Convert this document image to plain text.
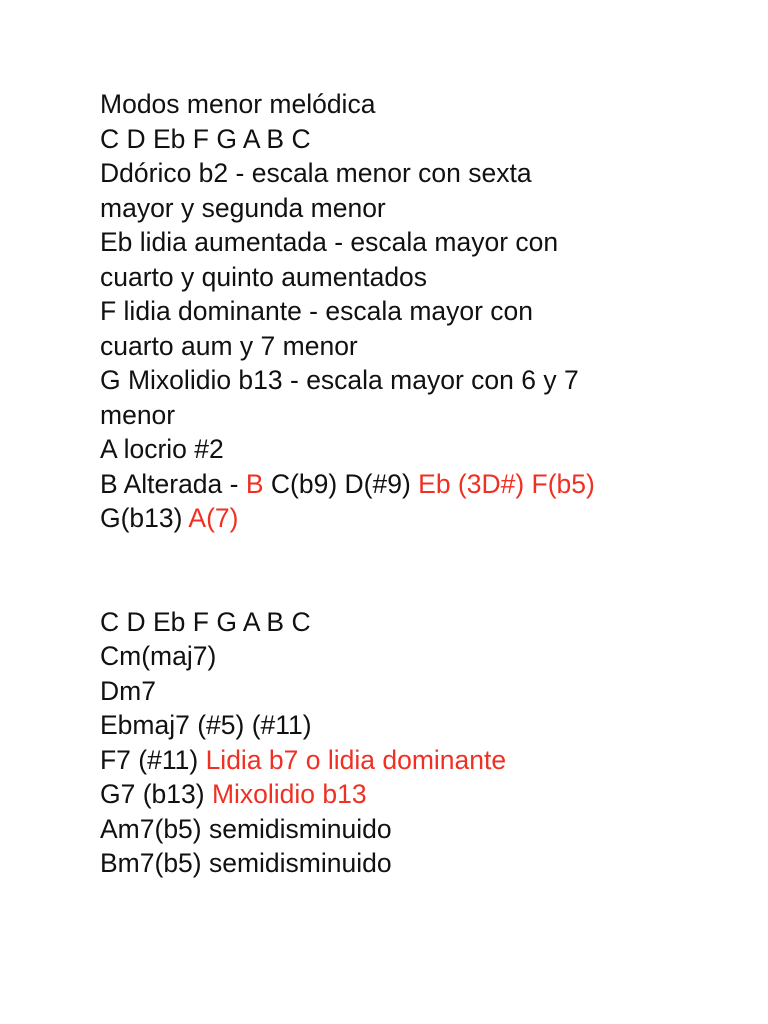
Modos menor melódica
C D Eb F G A B C
Ddórico b2 - escala menor con sexta
mayor y segunda menor
Eb lidia aumentada - escala mayor con
cuarto y quinto aumentados
F lidia dominante - escala mayor con
cuarto aum y 7 menor
G Mixolidio b13 - escala mayor con 6 y 7
menor
A locrio #2
B Alterada - B C(b9) D(#9) Eb (3D#) F(b5)
G(b13) A(7)
C D Eb F G A B C
Cm(maj7)
Dm7
Ebmaj7 (#5) (#11)
F7 (#11) Lidia b7 o lidia dominante
G7 (b13) Mixolidio b13
Am7(b5) semidisminuido
Bm7(b5) semidisminuido
